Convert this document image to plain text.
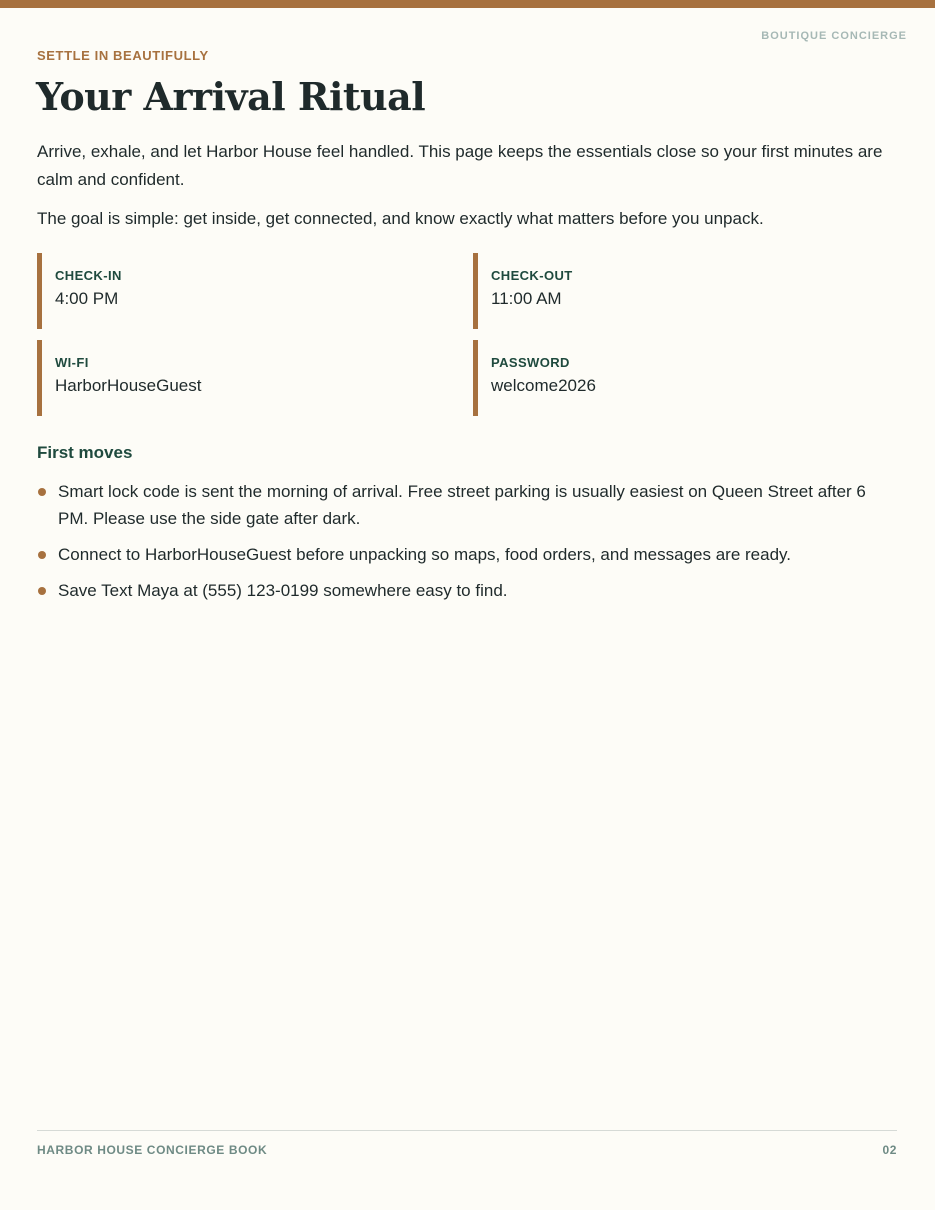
BOUTIQUE CONCIERGE
SETTLE IN BEAUTIFULLY
Your Arrival Ritual

Arrive, exhale, and let Harbor House feel handled. This page keeps the essentials close so your first minutes are calm and confident.

The goal is simple: get inside, get connected, and know exactly what matters before you unpack.

CHECK-IN
4:00 PM
CHECK-OUT
11:00 AM
WI-FI
HarborHouseGuest
PASSWORD
welcome2026
First moves
Smart lock code is sent the morning of arrival. Free street parking is usually easiest on Queen Street after 6 PM. Please use the side gate after dark.
Connect to HarborHouseGuest before unpacking so maps, food orders, and messages are ready.
Save Text Maya at (555) 123-0199 somewhere easy to find.
HARBOR HOUSE CONCIERGE BOOK	02
